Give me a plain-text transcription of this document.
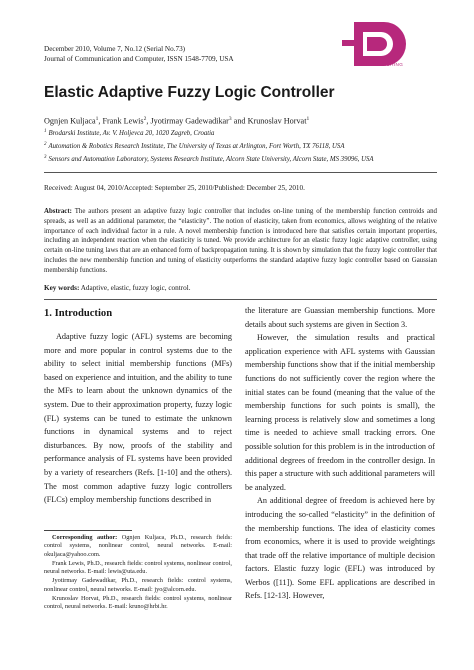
December 2010, Volume 7, No.12 (Serial No.73)
Journal of Communication and Computer, ISSN 1548-7709, USA
DAVID PUBLISHING
Elastic Adaptive Fuzzy Logic Controller
Ognjen Kuljaca$^1$, Frank Lewis$^2$, Jyotirmay Gadewadikar$^3$ and Krunoslav Horvat$^1$
$^1$ Brodarski Institute, Av. V. Holjevca 20, 1020 Zagreb, Croatia
$^2$ Automation & Robotics Research Institute, The University of Texas at Arlington, Fort Worth, TX 76118, USA
$^3$ Sensors and Automation Laboratory, Systems Research Institute, Alcorn State University, Alcorn State, MS 39096, USA
Received: August 04, 2010/Accepted: September 25, 2010/Published: December 25, 2010.
Abstract: The authors present an adaptive fuzzy logic controller that includes on-line tuning of the membership function centroids and spreads, as well as an additional parameter, the “elasticity”. The notion of elasticity, taken from economics, allows weighting of the relative importance of each individual factor in a rule. A novel membership function is introduced here that satisfies certain important properties, including an independent reaction when the elasticity is tuned. We provide architecture for an elastic fuzzy logic adaptive controller, using certain on-line tuning laws that are an enhanced form of backpropagation tuning. It is shown by simulation that the fuzzy logic controller that includes the new membership function and tuning of elasticity outperforms the standard adaptive fuzzy logic controller based on Gaussian membership functions.
Key words: Adaptive, elastic, fuzzy logic, control.
1. Introduction

Adaptive fuzzy logic (AFL) systems are becoming more and more popular in control systems due to the ability to select initial membership functions (MFs) based on experience and intuition, and the ability to tune the MFs to learn about the unknown dynamics of the system. Due to their approximation property, fuzzy logic (FL) systems can be tuned to estimate the unknown functions in dynamical systems and to reject disturbances. By now, proofs of the stability and performance analysis of FL systems have been provided by a variety of researchers (Refs. [1-10] and the others). The most common adaptive fuzzy logic controllers (FLCs) employ membership functions described in

the literature are Guassian membership functions. More details about such systems are given in Section 3.

However, the simulation results and practical application experience with AFL systems with Gaussian membership functions show that if the initial membership functions do not sufficiently cover the region where the initial states can be found (meaning that the value of the membership functions for such points is small), the learning process is relatively slow and sometimes a long time is needed to achieve small tracking errors. One possible solution for this problem is in the introduction of additional degrees of freedom in the controller design. In this paper a structure with such additional parameters will be analyzed.

An additional degree of freedom is achieved here by introducing the so-called “elasticity” in the definition of the membership functions. The idea of elasticity comes from economics, where it is used to provide weightings that trade off the relative importance of multiple decision factors. Elastic fuzzy logic (EFL) was introduced by Werbos ([11]). Some EFL applications are described in Refs. [12-13]. However,

Corresponding author: Ognjen Kuljaca, Ph.D., research fields: control systems, nonlinear control, neural networks. E-mail: okuljaca@yahoo.com.

Frank Lewis, Ph.D., research fields: control systems, nonlinear control, neural networks. E-mail: lewis@uta.edu.

Jyotirmay Gadewadikar, Ph.D., research fields: control systems, nonlinear control, neural networks. E-mail: jyo@alcorn.edu.

Krunoslav Horvat, Ph.D., research fields: control systems, nonlinear control, neural networks. E-mail: kruno@hrbi.hr.
